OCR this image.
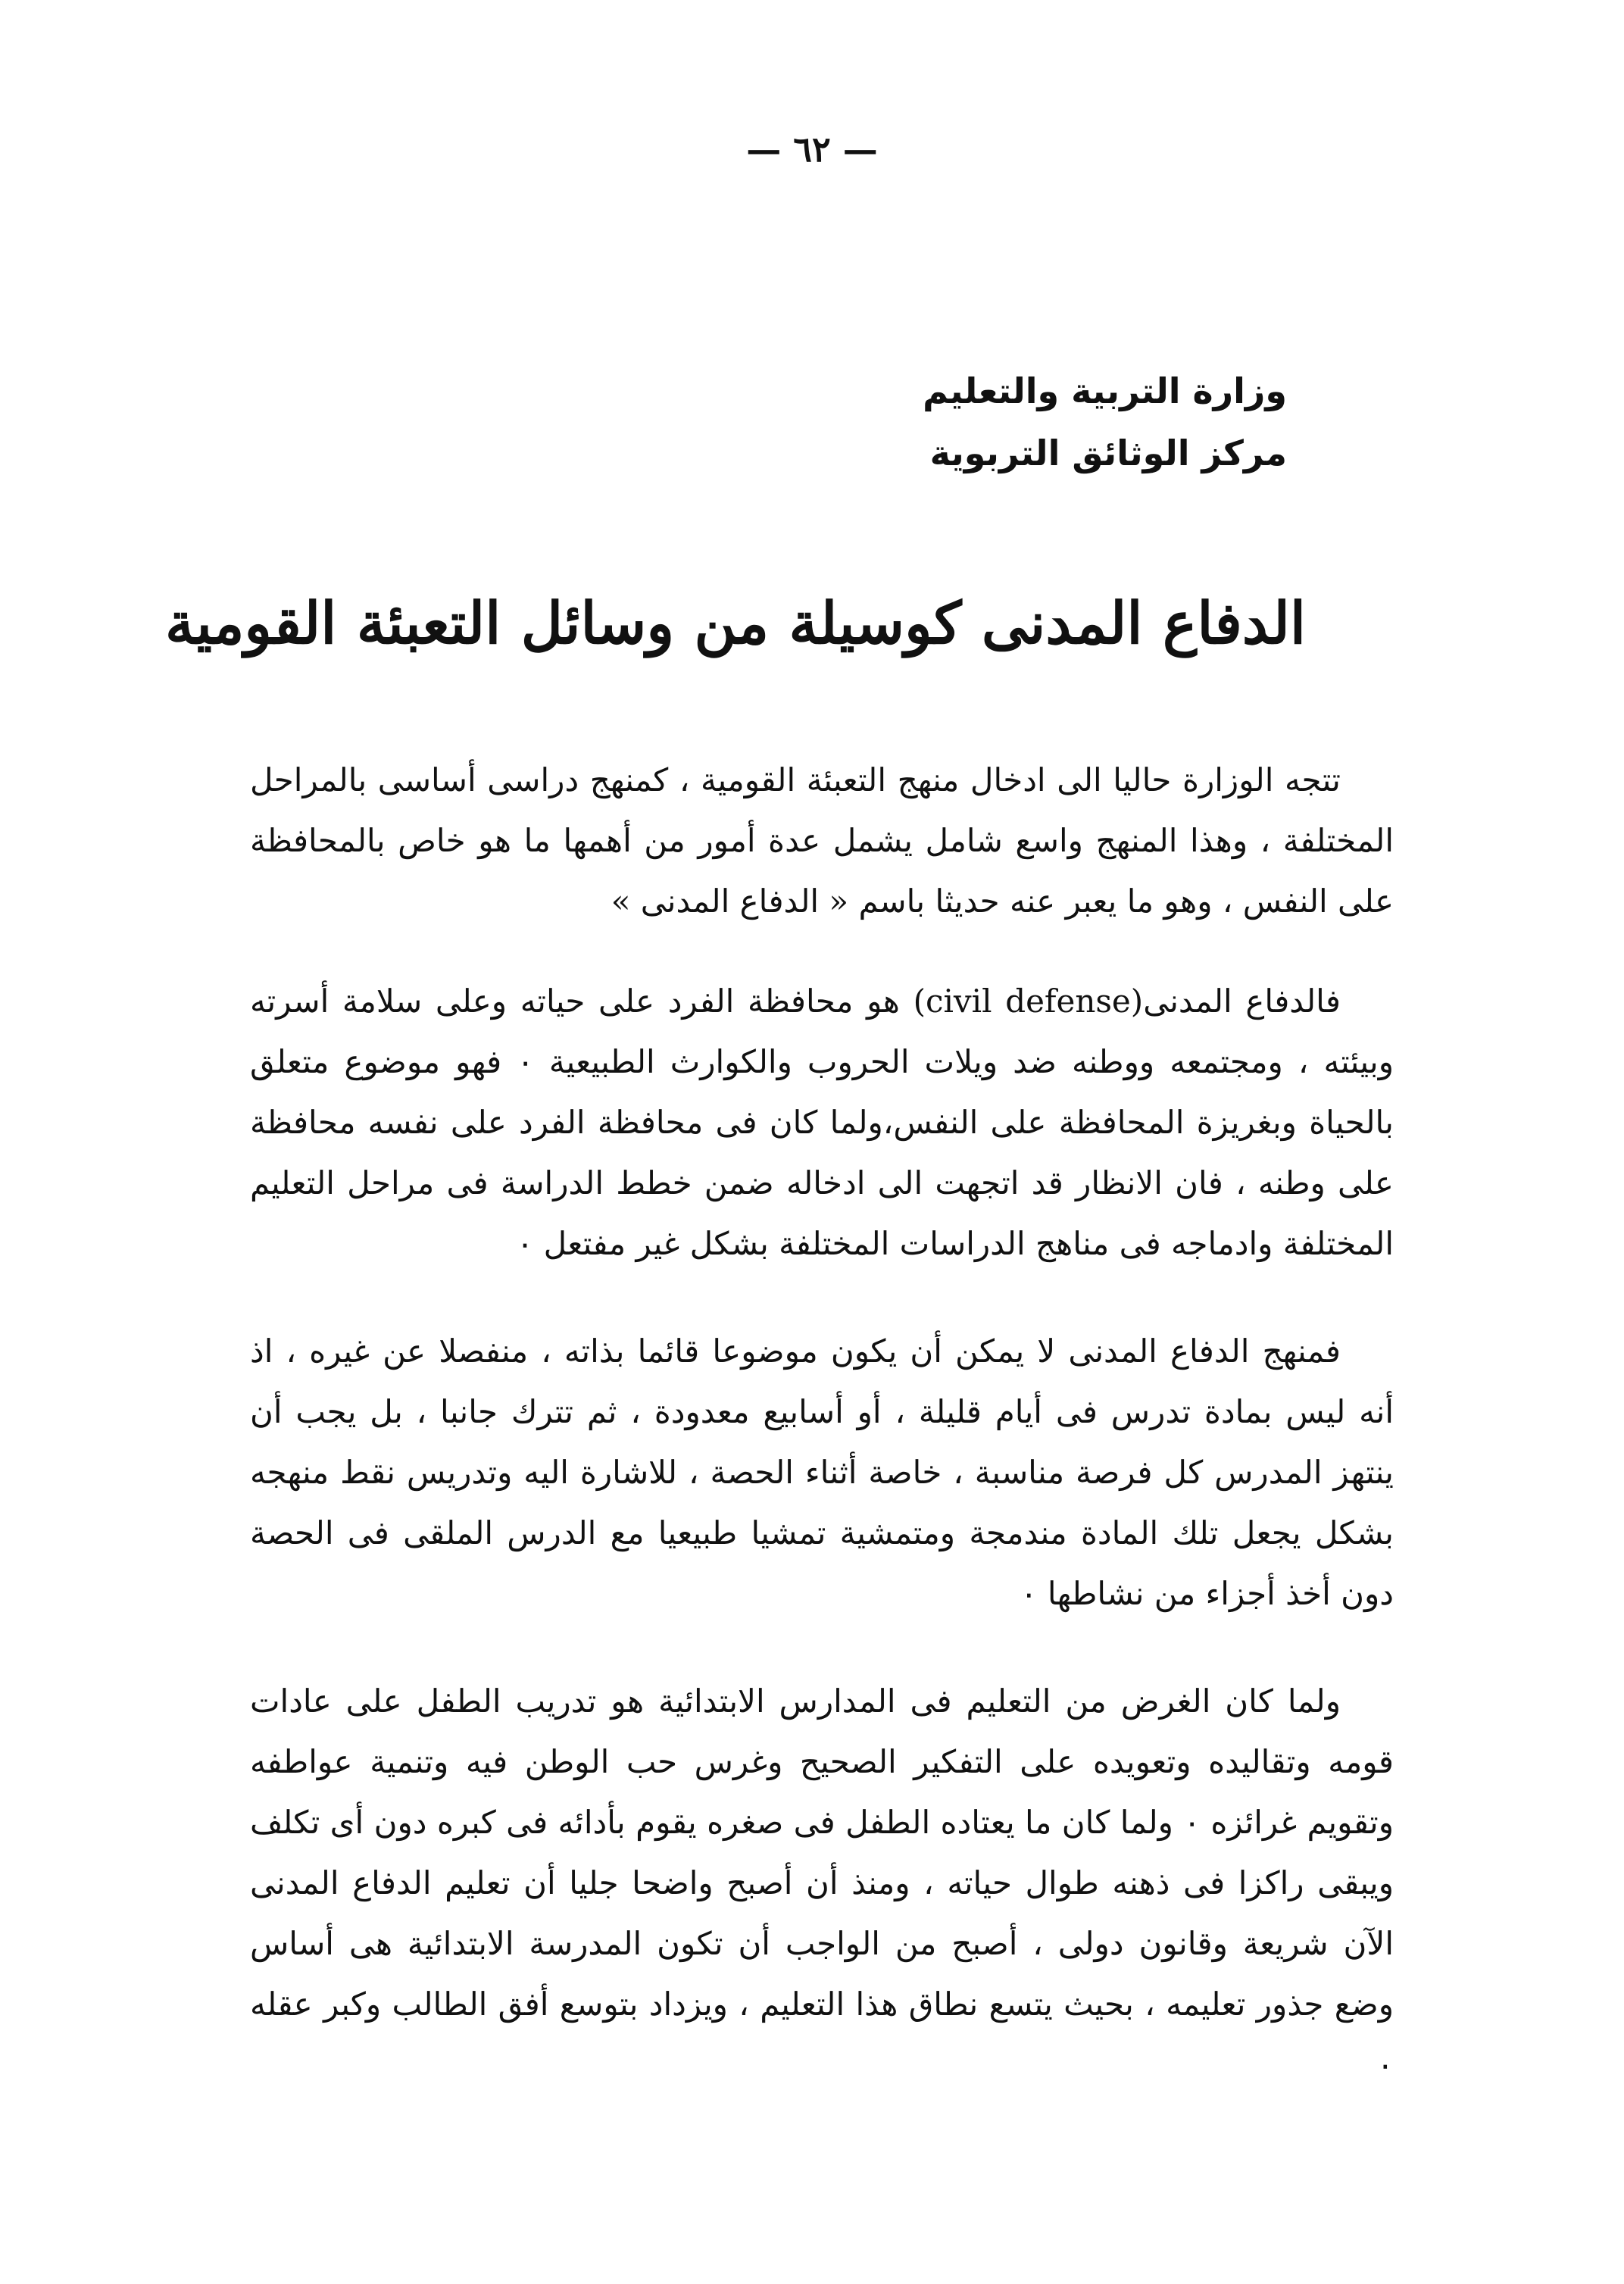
— ٦٢ —
وزارة التربية والتعليم
مركز الوثائق التربوية
الدفاع المدنى كوسيلة من وسائل التعبئة القومية

تتجه الوزارة حاليا الى ادخال منهج التعبئة القومية ، كمنهج دراسى أساسى بالمراحل المختلفة ، وهذا المنهج واسع شامل يشمل عدة أمور من أهمها ما هو خاص بالمحافظة على النفس ، وهو ما يعبر عنه حديثا باسم « الدفاع المدنى »

فالدفاع المدنى(civil defense) هو محافظة الفرد على حياته وعلى سلامة أسرته وبيئته ، ومجتمعه ووطنه ضد ويلات الحروب والكوارث الطبيعية ٠ فهو موضوع متعلق بالحياة وبغريزة المحافظة على النفس،ولما كان فى محافظة الفرد على نفسه محافظة على وطنه ، فان الانظار قد اتجهت الى ادخاله ضمن خطط الدراسة فى مراحل التعليم المختلفة وادماجه فى مناهج الدراسات المختلفة بشكل غير مفتعل ٠

فمنهج الدفاع المدنى لا يمكن أن يكون موضوعا قائما بذاته ، منفصلا عن غيره ، اذ أنه ليس بمادة تدرس فى أيام قليلة ، أو أسابيع معدودة ، ثم تترك جانبا ، بل يجب أن ينتهز المدرس كل فرصة مناسبة ، خاصة أثناء الحصة ، للاشارة اليه وتدريس نقط منهجه بشكل يجعل تلك المادة مندمجة ومتمشية تمشيا طبيعيا مع الدرس الملقى فى الحصة دون أخذ أجزاء من نشاطها ٠

ولما كان الغرض من التعليم فى المدارس الابتدائية هو تدريب الطفل على عادات قومه وتقاليده وتعويده على التفكير الصحيح وغرس حب الوطن فيه وتنمية عواطفه وتقويم غرائزه ٠ ولما كان ما يعتاده الطفل فى صغره يقوم بأدائه فى كبره دون أى تكلف ويبقى راكزا فى ذهنه طوال حياته ، ومنذ أن أصبح واضحا جليا أن تعليم الدفاع المدنى الآن شريعة وقانون دولى ، أصبح من الواجب أن تكون المدرسة الابتدائية هى أساس وضع جذور تعليمه ، بحيث يتسع نطاق هذا التعليم ، ويزداد بتوسع أفق الطالب وكبر عقله ٠
